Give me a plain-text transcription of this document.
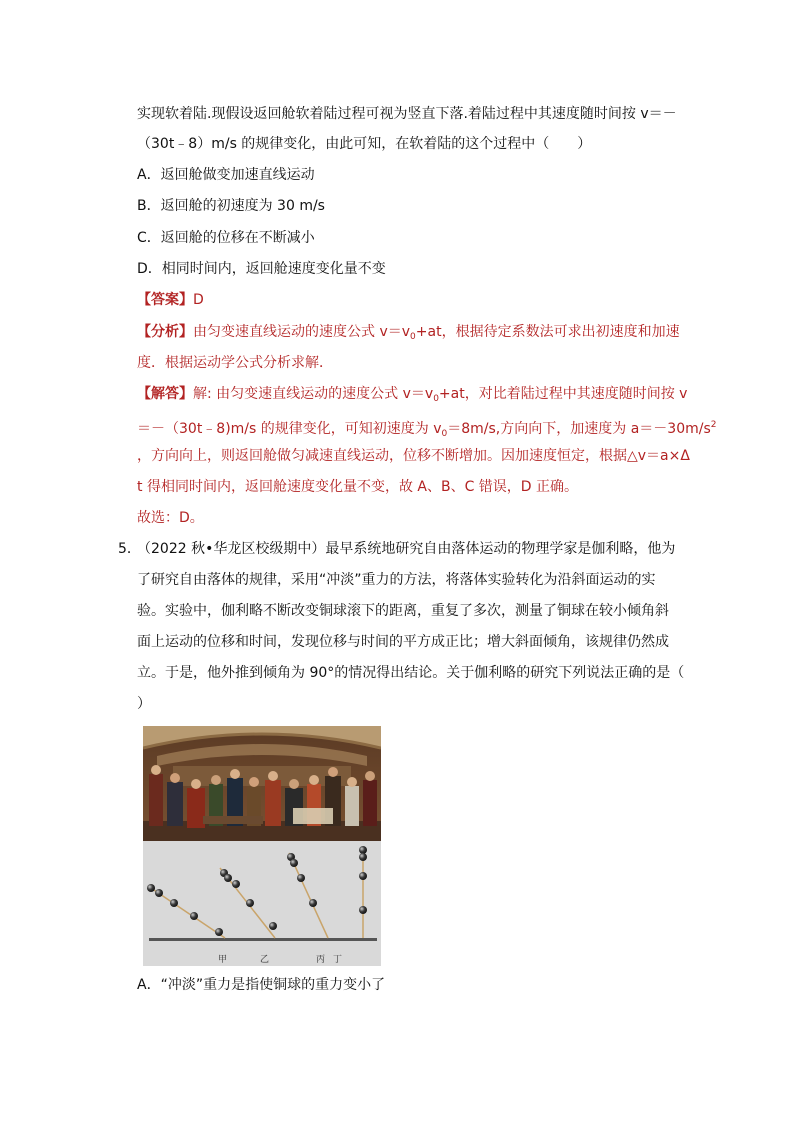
实现软着陆.现假设返回舱软着陆过程可视为竖直下落.着陆过程中其速度随时间按 v＝－
（30t﹣8）m/s 的规律变化，由此可知，在软着陆的这个过程中（　　）
A．返回舱做变加速直线运动
B．返回舱的初速度为 30 m/s
C．返回舱的位移在不断减小
D．相同时间内，返回舱速度变化量不变
【答案】D
【分析】由匀变速直线运动的速度公式 $v=v_0+at$，根据待定系数法可求出初速度和加速
度．根据运动学公式分析求解．
【解答】解: 由匀变速直线运动的速度公式 $v=v_0+at$，对比着陆过程中其速度随时间按 v
＝－（30t﹣8)m/s 的规律变化，可知初速度为 $v_0=8m/s$,方向向下，加速度为 $a=-30m/s^2$
，方向向上，则返回舱做匀减速直线运动，位移不断增加。因加速度恒定，根据△v＝a×Δ
t 得相同时间内，返回舱速度变化量不变，故 A、B、C 错误，D 正确。
故选：D。
5．
（2022 秋•华龙区校级期中）最早系统地研究自由落体运动的物理学家是伽利略，他为
了研究自由落体的规律，采用“冲淡”重力的方法，将落体实验转化为沿斜面运动的实
验。实验中，伽利略不断改变铜球滚下的距离，重复了多次，测量了铜球在较小倾角斜
面上运动的位移和时间，发现位移与时间的平方成正比；增大斜面倾角，该规律仍然成
立。于是，他外推到倾角为 90°的情况得出结论。关于伽利略的研究下列说法正确的是（
）
甲	乙	丙 丁
A．“冲淡”重力是指使铜球的重力变小了
